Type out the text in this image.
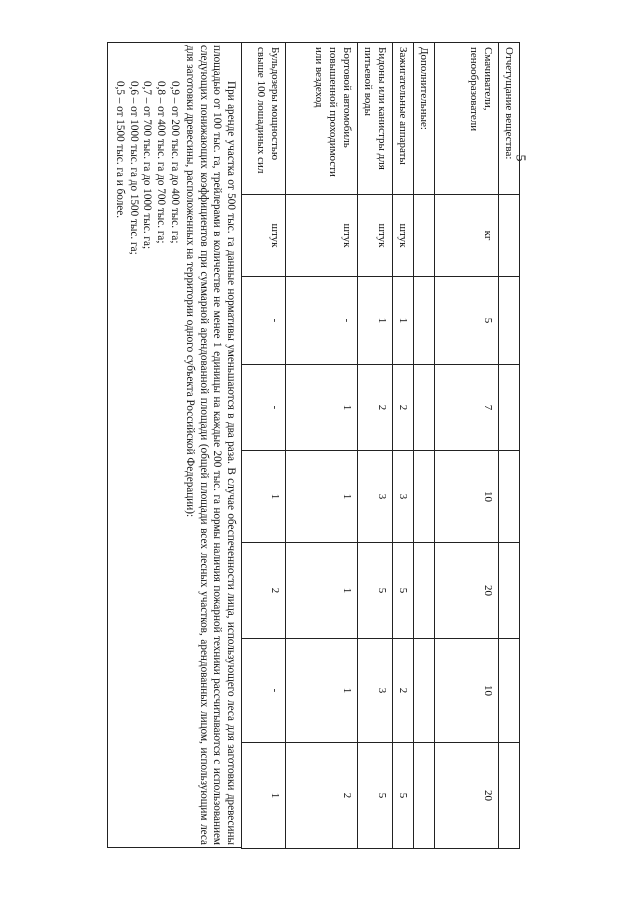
5
Отчетущание вещества:							
Смачиватели, пенообразователи	кг	5	7	10	20	10	20
Дополнительные:							
Зажигательные аппараты	штук	1	2	3	5	2	5
Бидоны или канистры для питьевой воды	штук	1	2	3	5	3	5
Бортовой автомобиль повышенной проходимости или вездеход	штук	-	1	1	1	1	2
Бульдозеры мощностью свыше 100 лошадиных сил	штук	-	-	1	2	-	1

При аренде участка от 500 тыс. га данные нормативы уменьшаются в два раза. В случае обеспеченности лица, использующего леса для заготовки древесины площадью от 100 тыс. га, трейлерами в количестве не менее 1 единицы на каждые 200 тыс. га нормы наличия пожарной техники рассчитываются с использованием следующих понижающих коэффициентов при суммарной арендованной площади (общей площади всех лесных участков, арендованных лицом, использующим леса для заготовки древесины, расположенных на территории одного субъекта Российской Федерации):

0,9 – от 200 тыс. га до 400 тыс. га;
0,8 – от 400 тыс. га до 700 тыс. га;
0,7 – от 700 тыс. га до 1000 тыс. га;
0,6 – от 1000 тыс. га до 1500 тыс. га;
0,5 – от 1500 тыс. га и более.
